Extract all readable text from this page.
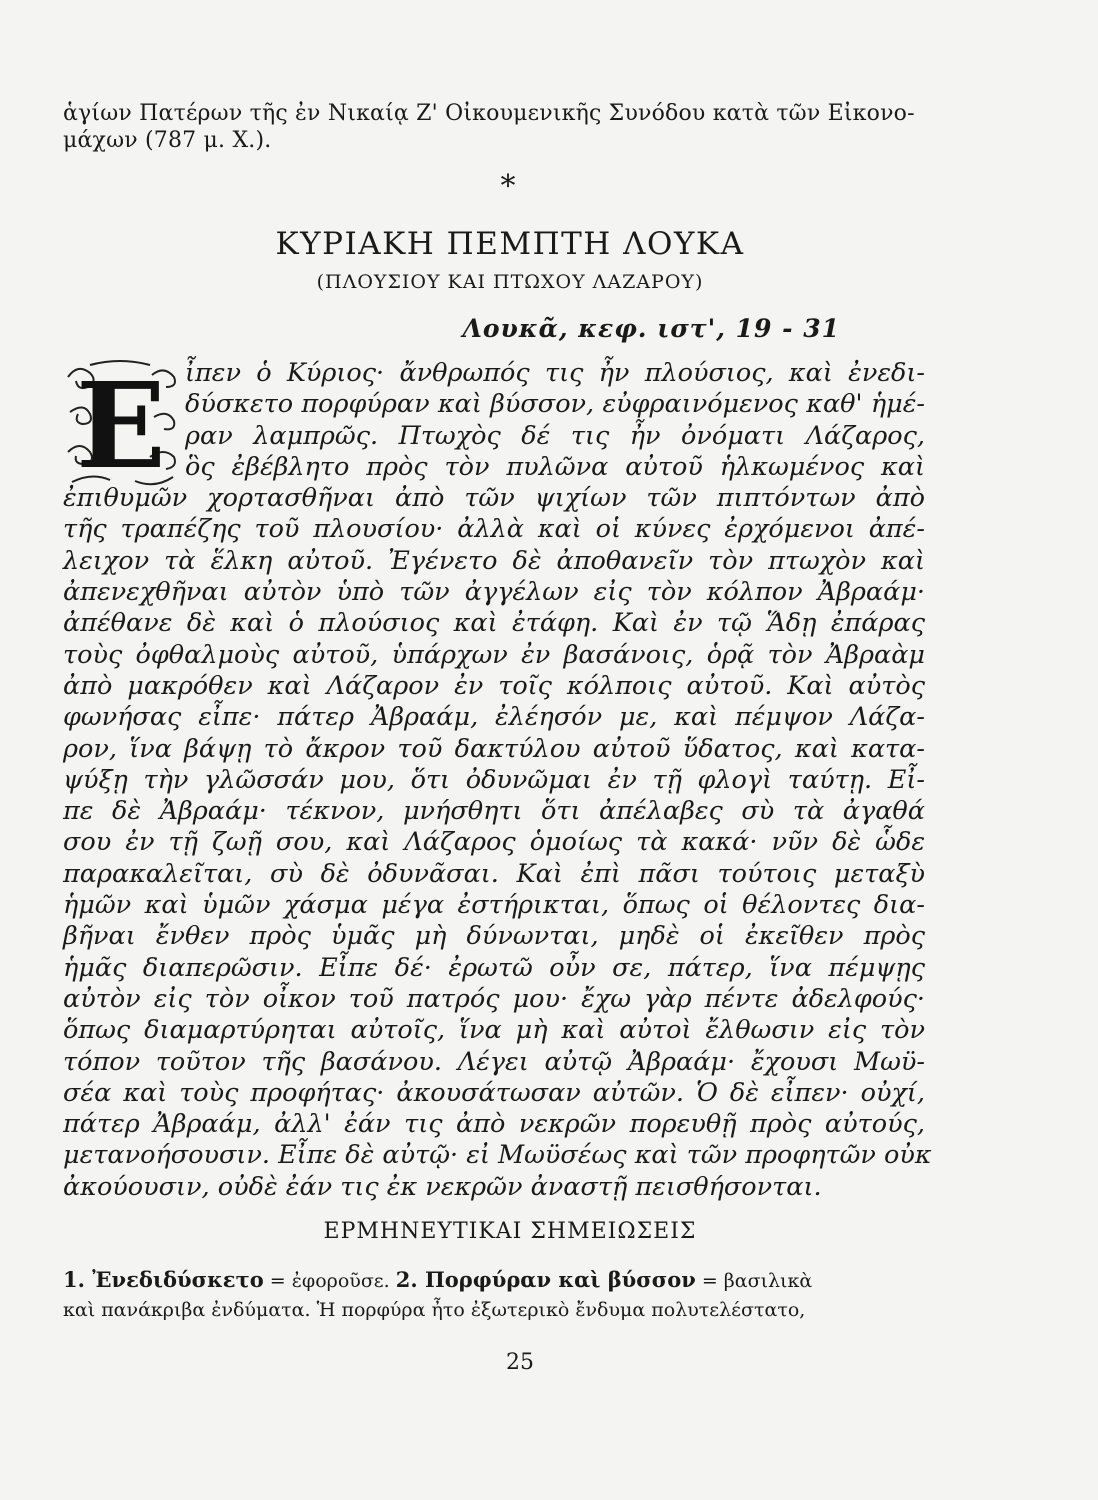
ἁγίων Πατέρων τῆς ἐν Νικαίᾳ Ζ' Οἰκουμενικῆς Συνόδου κατὰ τῶν Εἰκονο-
μάχων (787 μ. Χ.).
*
ΚΥΡΙΑΚΗ ΠΕΜΠΤΗ ΛΟΥΚΑ
(ΠΛΟΥΣΙΟΥ ΚΑΙ ΠΤΩΧΟΥ ΛΑΖΑΡΟΥ)
Λουκᾶ, κεφ. ιστ', 19 - 31
Ε ἶπεν ὁ Κύριος· ἄνθρωπός τις ἦν πλούσιος, καὶ ἐνεδι-
δύσκετο πορφύραν καὶ βύσσον, εὐφραινόμενος καθ' ἡμέ-
ραν λαμπρῶς. Πτωχὸς δέ τις ἦν ὀνόματι Λάζαρος,
ὃς ἐβέβλητο πρὸς τὸν πυλῶνα αὐτοῦ ἡλκωμένος καὶ
ἐπιθυμῶν χορτασθῆναι ἀπὸ τῶν ψιχίων τῶν πιπτόντων ἀπὸ
τῆς τραπέζης τοῦ πλουσίου· ἀλλὰ καὶ οἱ κύνες ἐρχόμενοι ἀπέ-
λειχον τὰ ἕλκη αὐτοῦ. Ἐγένετο δὲ ἀποθανεῖν τὸν πτωχὸν καὶ
ἀπενεχθῆναι αὐτὸν ὑπὸ τῶν ἀγγέλων εἰς τὸν κόλπον Ἀβραάμ·
ἀπέθανε δὲ καὶ ὁ πλούσιος καὶ ἐτάφη. Καὶ ἐν τῷ Ἅδῃ ἐπάρας
τοὺς ὀφθαλμοὺς αὐτοῦ, ὑπάρχων ἐν βασάνοις, ὁρᾷ τὸν Ἀβραὰμ
ἀπὸ μακρόθεν καὶ Λάζαρον ἐν τοῖς κόλποις αὐτοῦ. Καὶ αὐτὸς
φωνήσας εἶπε· πάτερ Ἀβραάμ, ἐλέησόν με, καὶ πέμψον Λάζα-
ρον, ἵνα βάψῃ τὸ ἄκρον τοῦ δακτύλου αὐτοῦ ὕδατος, καὶ κατα-
ψύξῃ τὴν γλῶσσάν μου, ὅτι ὀδυνῶμαι ἐν τῇ φλογὶ ταύτῃ. Εἶ-
πε δὲ Ἀβραάμ· τέκνον, μνήσθητι ὅτι ἀπέλαβες σὺ τὰ ἀγαθά
σου ἐν τῇ ζωῇ σου, καὶ Λάζαρος ὁμοίως τὰ κακά· νῦν δὲ ὧδε
παρακαλεῖται, σὺ δὲ ὀδυνᾶσαι. Καὶ ἐπὶ πᾶσι τούτοις μεταξὺ
ἡμῶν καὶ ὑμῶν χάσμα μέγα ἐστήρικται, ὅπως οἱ θέλοντες δια-
βῆναι ἔνθεν πρὸς ὑμᾶς μὴ δύνωνται, μηδὲ οἱ ἐκεῖθεν πρὸς
ἡμᾶς διαπερῶσιν. Εἶπε δέ· ἐρωτῶ οὖν σε, πάτερ, ἵνα πέμψῃς
αὐτὸν εἰς τὸν οἶκον τοῦ πατρός μου· ἔχω γὰρ πέντε ἀδελφούς·
ὅπως διαμαρτύρηται αὐτοῖς, ἵνα μὴ καὶ αὐτοὶ ἔλθωσιν εἰς τὸν
τόπον τοῦτον τῆς βασάνου. Λέγει αὐτῷ Ἀβραάμ· ἔχουσι Μωϋ-
σέα καὶ τοὺς προφήτας· ἀκουσάτωσαν αὐτῶν. Ὁ δὲ εἶπεν· οὐχί,
πάτερ Ἀβραάμ, ἀλλ' ἐάν τις ἀπὸ νεκρῶν πορευθῇ πρὸς αὐτούς,
μετανοήσουσιν. Εἶπε δὲ αὐτῷ· εἰ Μωϋσέως καὶ τῶν προφητῶν οὐκ
ἀκούουσιν, οὐδὲ ἐάν τις ἐκ νεκρῶν ἀναστῇ πεισθήσονται.
ΕΡΜΗΝΕΥΤΙΚΑΙ ΣΗΜΕΙΩΣΕΙΣ
1. Ἐνεδιδύσκετο = ἐφοροῦσε. 2. Πορφύραν καὶ βύσσον = βασιλικὰ
καὶ πανάκριβα ἐνδύματα. Ἡ πορφύρα ἦτο ἐξωτερικὸ ἔνδυμα πολυτελέστατο,
25
